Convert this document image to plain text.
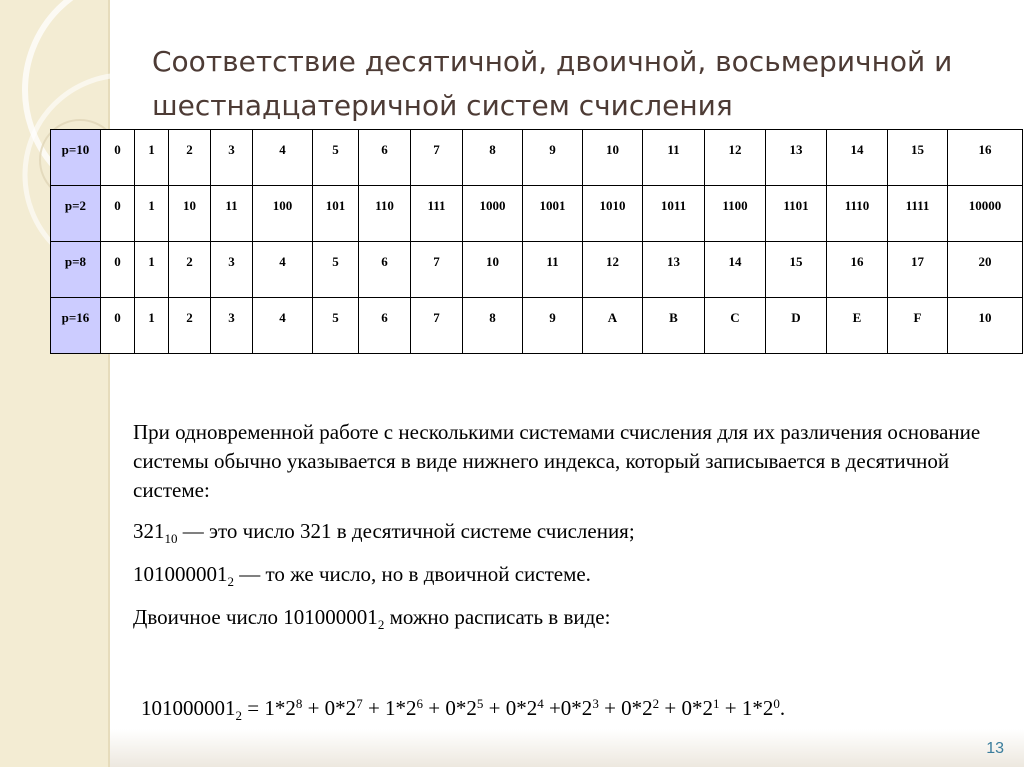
Соответствие десятичной, двоичной, восьмеричной и шестнадцатеричной систем счисления
p=10	0	1	2	3	4	5	6	7	8	9	10	11	12	13	14	15	16
p=2	0	1	10	11	100	101	110	111	1000	1001	1010	1011	1100	1101	1110	1111	10000
p=8	0	1	2	3	4	5	6	7	10	11	12	13	14	15	16	17	20
p=16	0	1	2	3	4	5	6	7	8	9	A	B	C	D	E	F	10

При одновременной работе с несколькими системами счисления для их различения основание системы обычно указывается в виде нижнего индекса, который записывается в десятичной системе:

$321_{10}$ — это число 321 в десятичной системе счисления;

$101000001_2$ — то же число, но в двоичной системе.

Двоичное число $101000001_2$ можно расписать в виде:

$101000001_2 = 1*2^8 + 0*2^7 + 1*2^6 + 0*2^5 + 0*2^4 +0*2^3 + 0*2^2 + 0*2^1 + 1*2^0$.
13
